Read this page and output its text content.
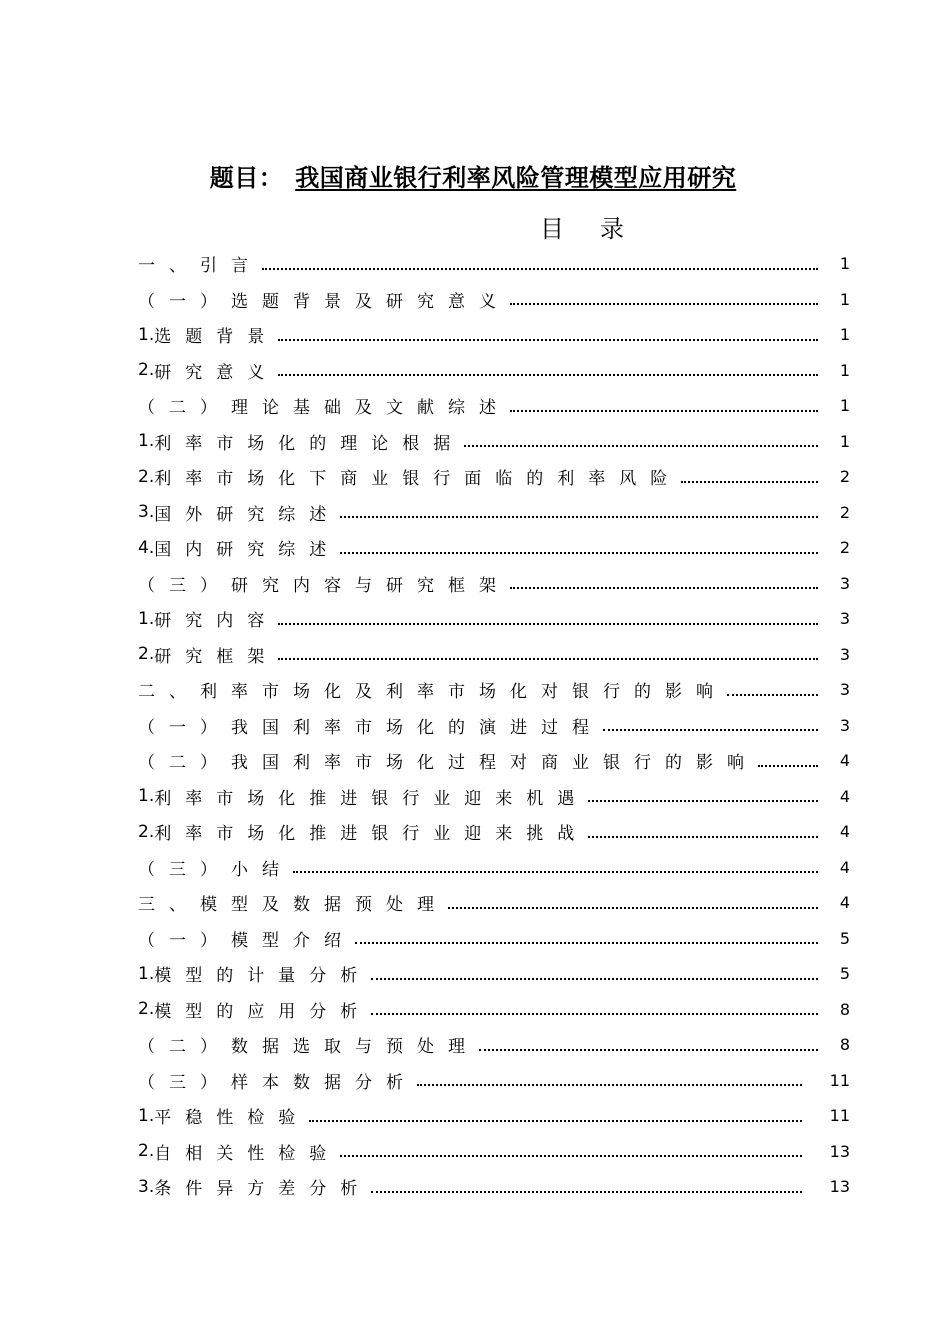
题目： 我国商业银行利率风险管理模型应用研究
目录
一、引言	1
（一）选题背景及研究意义	1
1. 选题背景	1
2. 研究意义	1
（二）理论基础及文献综述	1
1. 利率市场化的理论根据	1
2. 利率市场化下商业银行面临的利率风险	2
3. 国外研究综述	2
4. 国内研究综述	2
（三）研究内容与研究框架	3
1. 研究内容	3
2. 研究框架	3
二、利率市场化及利率市场化对银行的影响	3
（一）我国利率市场化的演进过程	3
（二）我国利率市场化过程对商业银行的影响	4
1. 利率市场化推进银行业迎来机遇	4
2. 利率市场化推进银行业迎来挑战	4
（三）小结	4
三、模型及数据预处理	4
（一）模型介绍	5
1. 模型的计量分析	5
2. 模型的应用分析	8
（二）数据选取与预处理	8
（三）样本数据分析	11
1. 平稳性检验	11
2. 自相关性检验	13
3. 条件异方差分析	13
